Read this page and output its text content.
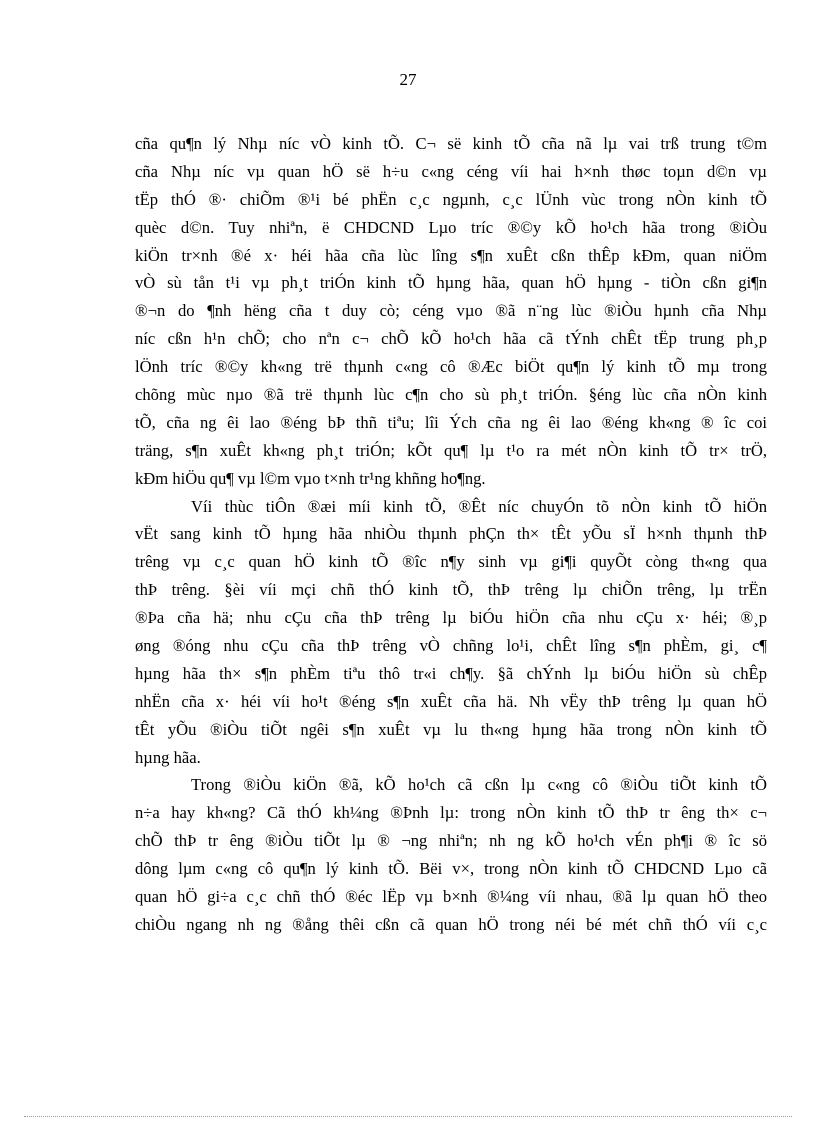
27

cña qu¶n lý Nhµ níc vÒ kinh tÕ. C¬ së kinh tÕ cña nã lµ vai trß trung t©m
cña Nhµ níc vµ quan hÖ së h÷u c«ng céng víi hai h×nh thøc toµn d©n vµ
tËp thÓ ®· chiÕm ®¹i bé phËn c¸c ngµnh, c¸c lÜnh vùc trong nÒn kinh tÕ
quèc d©n. Tuy nhiªn, ë CHDCND Lµo tríc ®©y kÕ ho¹ch hãa trong ®iÒu
kiÖn tr×nh ®é x· héi hãa cña lùc lîng s¶n xuÊt cßn thÊp kÐm, quan niÖm
vÒ sù tån t¹i vµ ph¸t triÓn kinh tÕ hµng hãa, quan hÖ hµng - tiÒn cßn gi¶n
®¬n do ¶nh hëng cña t duy cò; céng vµo ®ã n¨ng lùc ®iÒu hµnh cña Nhµ
níc cßn h¹n chÕ; cho nªn c¬ chÕ kÕ ho¹ch hãa cã tÝnh chÊt tËp trung ph¸p
lÖnh tríc ®©y kh«ng trë thµnh c«ng cô ®Æc biÖt qu¶n lý kinh tÕ mµ trong
chõng mùc nµo ®ã trë thµnh lùc c¶n cho sù ph¸t triÓn. §éng lùc cña nÒn kinh
tÕ, cña ng êi lao ®éng bÞ thñ tiªu; lîi Ých cña ng êi lao ®éng kh«ng ® îc coi
träng, s¶n xuÊt kh«ng ph¸t triÓn; kÕt qu¶ lµ t¹o ra mét nÒn kinh tÕ tr× trÖ,
kÐm hiÖu qu¶ vµ l©m vµo t×nh tr¹ng khñng ho¶ng.

Víi thùc tiÔn ®æi míi kinh tÕ, ®Êt níc chuyÓn tõ nÒn kinh tÕ hiÖn
vËt sang kinh tÕ hµng hãa nhiÒu thµnh phÇn th× tÊt yÕu sÏ h×nh thµnh thÞ
trêng vµ c¸c quan hÖ kinh tÕ ®îc n¶y sinh vµ gi¶i quyÕt còng th«ng qua
thÞ trêng. §èi víi mçi chñ thÓ kinh tÕ, thÞ trêng lµ chiÕn trêng, lµ trËn
®Þa cña hä; nhu cÇu cña thÞ trêng lµ biÓu hiÖn cña nhu cÇu x· héi; ®¸p
øng ®óng nhu cÇu cña thÞ trêng vÒ chñng lo¹i, chÊt lîng s¶n phÈm, gi¸ c¶
hµng hãa th× s¶n phÈm tiªu thô tr«i ch¶y. §ã chÝnh lµ biÓu hiÖn sù chÊp
nhËn cña x· héi víi ho¹t ®éng s¶n xuÊt cña hä. Nh vËy thÞ trêng lµ quan hÖ
tÊt yÕu ®iÒu tiÕt ngêi s¶n xuÊt vµ lu th«ng hµng hãa trong nÒn kinh tÕ
hµng hãa.

Trong ®iÒu kiÖn ®ã, kÕ ho¹ch cã cßn lµ c«ng cô ®iÒu tiÕt kinh tÕ
n÷a hay kh«ng? Cã thÓ kh¼ng ®Þnh lµ: trong nÒn kinh tÕ thÞ tr êng th× c¬
chÕ thÞ tr êng ®iÒu tiÕt lµ ® ¬ng nhiªn; nh ng kÕ ho¹ch vÉn ph¶i ® îc sö
dông lµm c«ng cô qu¶n lý kinh tÕ. Bëi v×, trong nÒn kinh tÕ CHDCND Lµo cã
quan hÖ gi÷a c¸c chñ thÓ ®éc lËp vµ b×nh ®¼ng víi nhau, ®ã lµ quan hÖ theo
chiÒu ngang nh ng ®ång thêi cßn cã quan hÖ trong néi bé mét chñ thÓ víi c¸c
